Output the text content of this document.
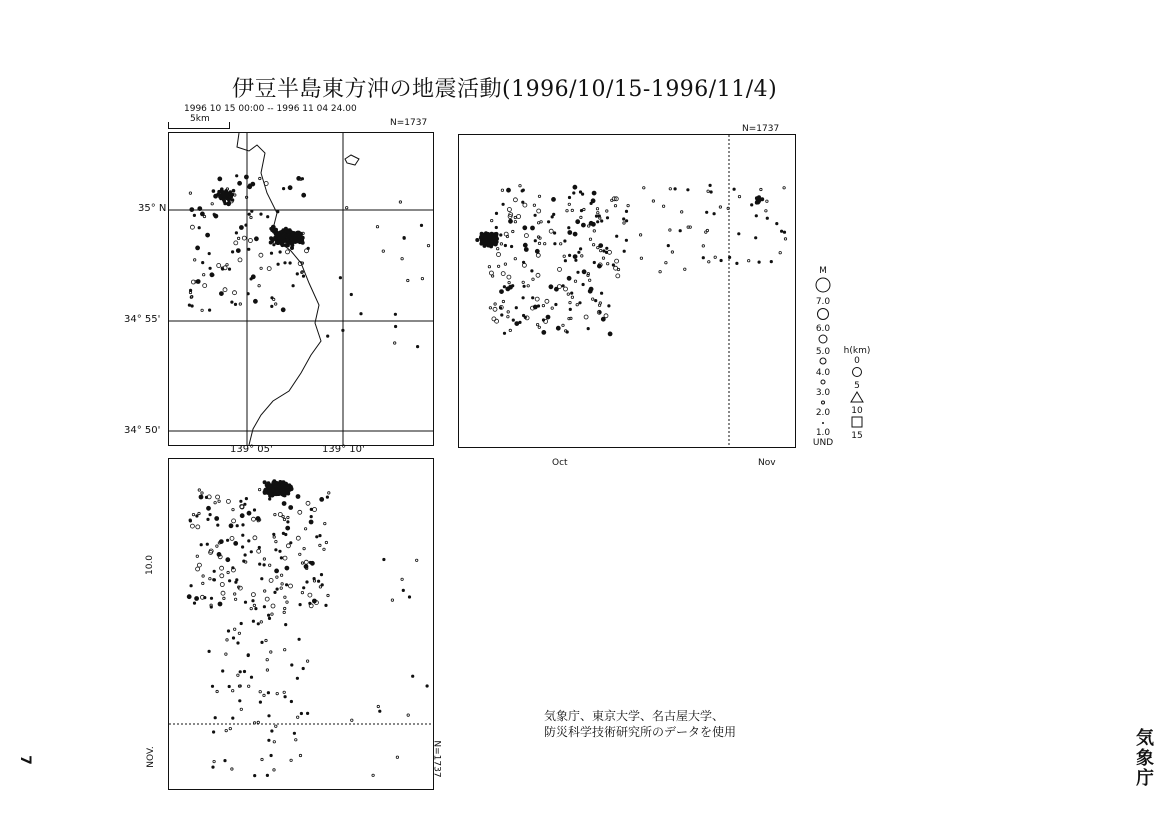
伊豆半島東方沖の地震活動(1996/10/15-1996/11/4)
1996 10 15 00:00 -- 1996 11 04 24.00
5km	N=1737
35° N
34° 55'
34° 50'
139° 05'	139° 10'
N=1737
Oct	Nov
M
7.0
6.0
5.0
4.0
3.0
2.0
1.0
UND
h(km)
0
5
10
15
10.0
NOV.	N=1737
気象庁、東京大学、名古屋大学、
防災科学技術研究所のデータを使用	気象庁
7
